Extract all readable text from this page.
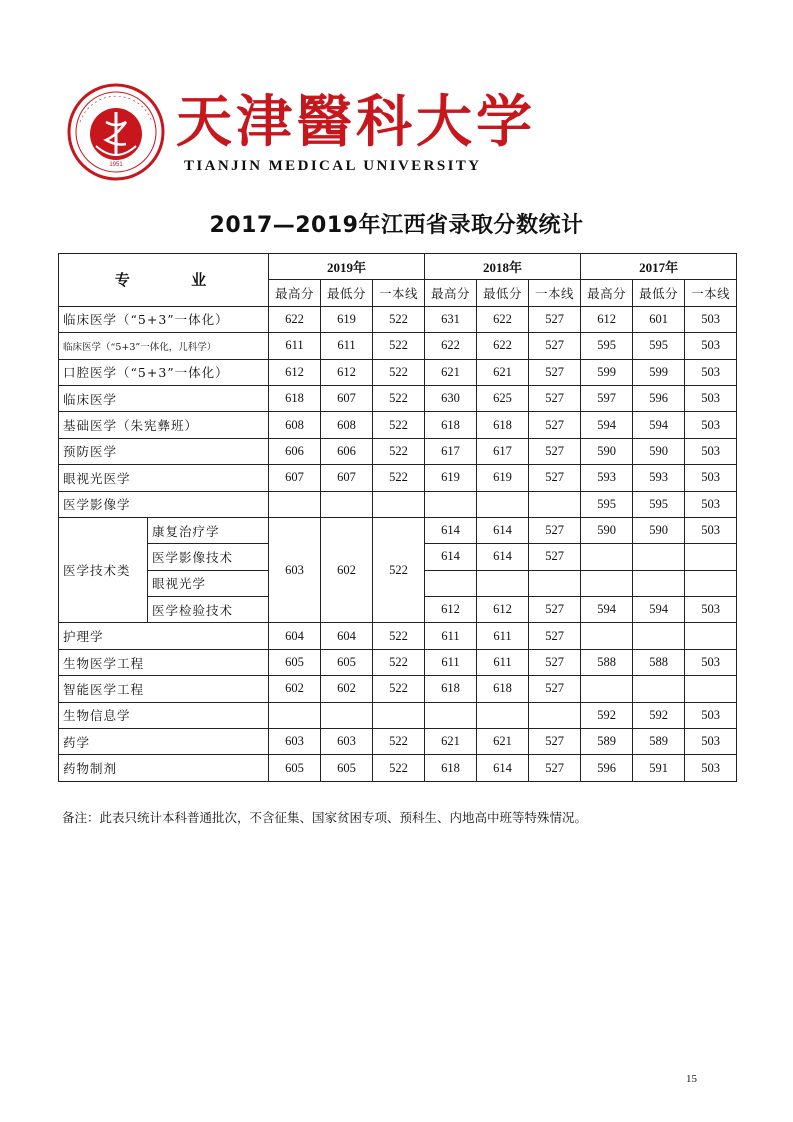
1951
天津醫科大学
TIANJIN MEDICAL UNIVERSITY
2017—2019年江西省录取分数统计
专 业		2019年			2018年			2017年		
		最高分	最低分	一本线	最高分	最低分	一本线	最高分	最低分	一本线
临床医学（“5+3”一体化）		622	619	522	631	622	527	612	601	503
临床医学（“5+3”一体化，儿科学）		611	611	522	622	622	527	595	595	503
口腔医学（“5+3”一体化）		612	612	522	621	621	527	599	599	503
临床医学		618	607	522	630	625	527	597	596	503
基础医学（朱宪彝班）		608	608	522	618	618	527	594	594	503
预防医学		606	606	522	617	617	527	590	590	503
眼视光医学		607	607	522	619	619	527	593	593	503
医学影像学								595	595	503
医学技术类	康复治疗学	603	602	522	614	614	527	590	590	503
	医学影像技术				614	614	527			
	眼视光学									
	医学检验技术				612	612	527	594	594	503
护理学		604	604	522	611	611	527			
生物医学工程		605	605	522	611	611	527	588	588	503
智能医学工程		602	602	522	618	618	527			
生物信息学								592	592	503
药学		603	603	522	621	621	527	589	589	503
药物制剂		605	605	522	618	614	527	596	591	503
备注：此表只统计本科普通批次，不含征集、国家贫困专项、预科生、内地高中班等特殊情况。
15
